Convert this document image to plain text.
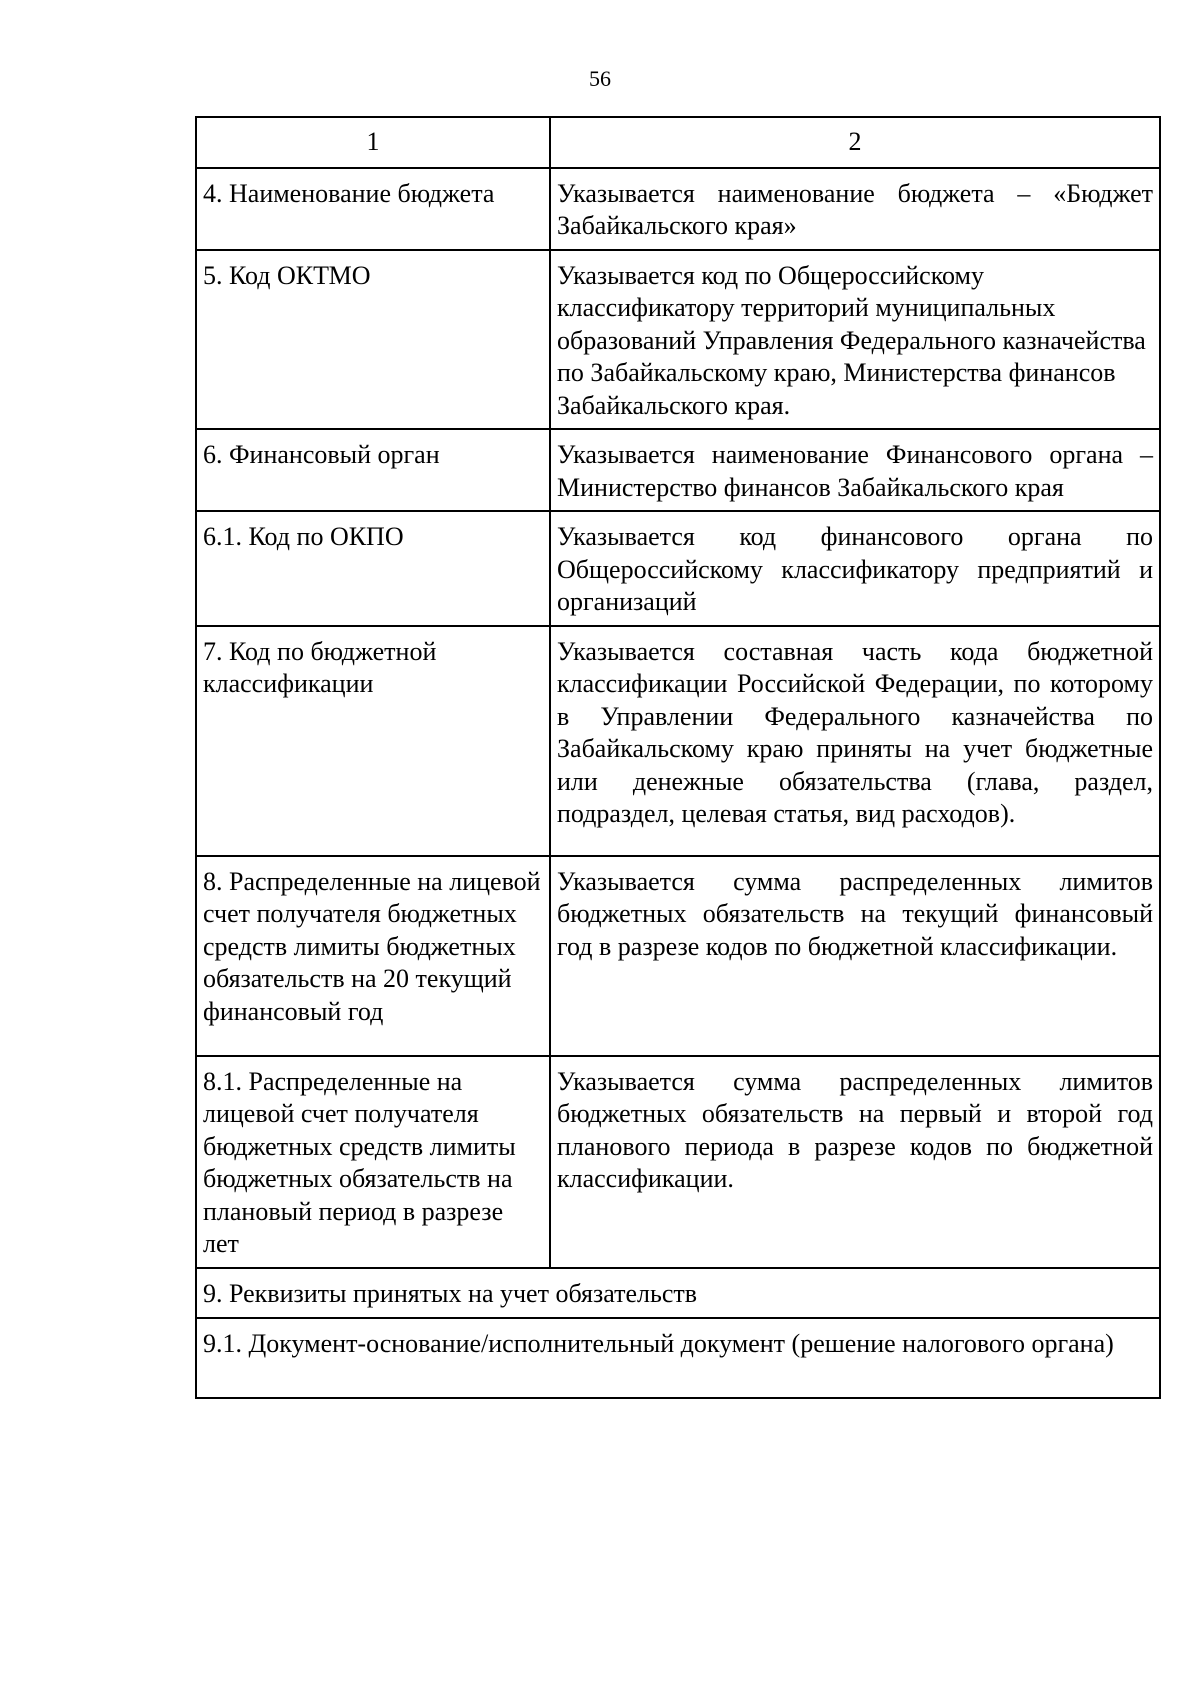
56
1	2
4. Наименование бюджета	Указывается наименование бюджета – «Бюджет Забайкальского края»
5. Код ОКТМО	Указывается код по Общероссийскому классификатору территорий муниципальных образований Управления Федерального казначейства по Забайкальскому краю, Министерства финансов Забайкальского края.
6. Финансовый орган	Указывается наименование Финансового органа – Министерство финансов Забайкальского края
6.1. Код по ОКПО	Указывается код финансового органа по Общероссийскому классификатору предприятий и организаций
7. Код по бюджетной классификации	Указывается составная часть кода бюджетной классификации Российской Федерации, по которому в Управлении Федерального казначейства по Забайкальскому краю приняты на учет бюджетные или денежные обязательства (глава, раздел, подраздел, целевая статья, вид расходов).
8. Распределенные на лицевой счет получателя бюджетных средств лимиты бюджетных обязательств на 20 текущий финансовый год	Указывается сумма распределенных лимитов бюджетных обязательств на текущий финансовый год в разрезе кодов по бюджетной классификации.
8.1. Распределенные на лицевой счет получателя бюджетных средств лимиты бюджетных обязательств на плановый период в разрезе лет	Указывается сумма распределенных лимитов бюджетных обязательств на первый и второй год планового периода в разрезе кодов по бюджетной классификации.
9. Реквизиты принятых на учет обязательств	
9.1. Документ-основание/исполнительный документ (решение налогового органа)	
